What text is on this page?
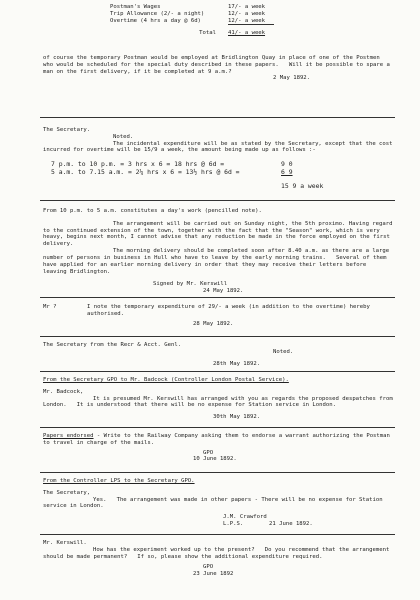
Postman's Wages	17/- a week
Trip Allowance (2/- a night)	12/- a week
Overtime (4 hrs a day @ 6d)	12/- a week
Total	41/- a week

of course the temporary Postman would be employed at Bridlington Quay in place of one of the Postmen who would be scheduled for the special duty described in these papers.   Will it be possible to spare a man on the first delivery, if it be completed at 9 a.m.?

2 May 1892.

The Secretary.

Noted.

The incidental expenditure will be as stated by the Secretary, except that the cost incurred for overtime will be 15/9 a week, the amount being made up as follows :-

7 p.m. to 10 p.m. = 3 hrs x 6 = 18 hrs @ 6d =	9 0
5 a.m. to 7.15 a.m. = 2¼ hrs x 6 = 13½ hrs @ 6d =	6 9
15 9 a week

From 10 p.m. to 5 a.m. constitutes a day's work (pencilled note).

The arrangement will be carried out on Sunday night, the 5th proximo. Having regard to the continued extension of the town, together with the fact that the "Season" work, which is very heavy, begins next month, I cannot advise that any reduction be made in the force employed on the first delivery.

The morning delivery should be completed soon after 8.40 a.m. as there are a large number of persons in business in Hull who have to leave by the early morning trains.   Several of them have applied for an earlier morning delivery in order that they may receive their letters before leaving Bridlington.

Signed by Mr. Kerswill

24 May 1892.

Mr ?	I note the temporary expenditure of 29/- a week (in addition to the overtime) hereby authorised.

28 May 1892.

The Secretary from the Recr & Acct. Genl.

Noted.

28th May 1892.

From the Secretary GPO to Mr. Badcock (Controller London Postal Service).

Mr. Badcock,

It is presumed Mr. Kerswill has arranged with you as regards the proposed despatches from London.   It is understood that there will be no expense for Station service in London.

30th May 1892.

Papers endorsed - Write to the Railway Company asking them to endorse a warrant authorizing the Postman to travel in charge of the mails.

GPO

10 June 1892.

From the Controller LPS to the Secretary GPO.

The Secretary,

Yes.   The arrangement was made in other papers - There will be no expense for Station service in London.

J.M. Crawford

L.P.S.	21 June 1892.

Mr. Kerswill.

How has the experiment worked up to the present?   Do you recommend that the arrangement should be made permanent?   If so, please show the additional expenditure required.

GPO

23 June 1892
